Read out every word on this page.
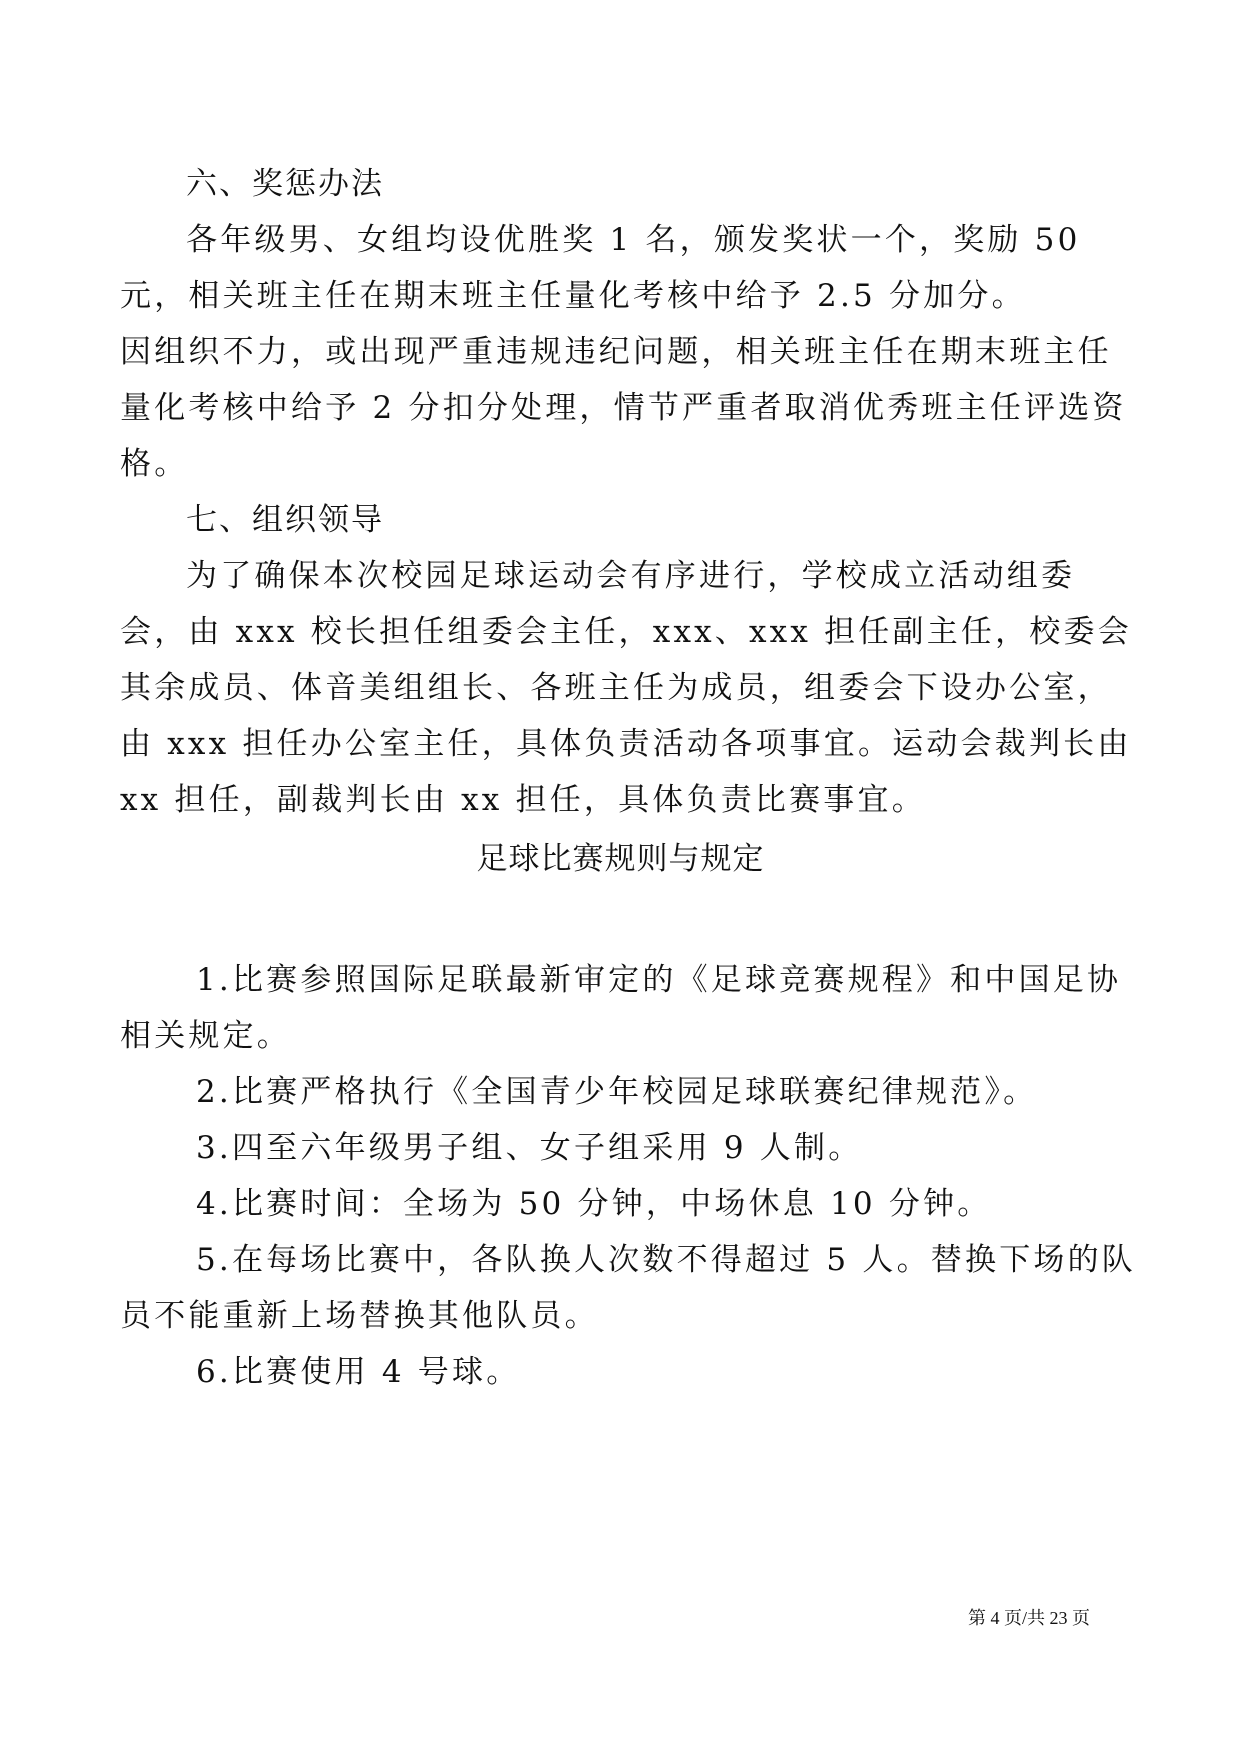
六、奖惩办法
各年级男、女组均设优胜奖 1 名，颁发奖状一个，奖励 50
元，相关班主任在期末班主任量化考核中给予 2.5 分加分。
因组织不力，或出现严重违规违纪问题，相关班主任在期末班主任
量化考核中给予 2 分扣分处理，情节严重者取消优秀班主任评选资
格。
七、组织领导
为了确保本次校园足球运动会有序进行，学校成立活动组委
会，由 xxx 校长担任组委会主任，xxx、xxx 担任副主任，校委会
其余成员、体音美组组长、各班主任为成员，组委会下设办公室，
由 xxx 担任办公室主任，具体负责活动各项事宜。运动会裁判长由
xx 担任，副裁判长由 xx 担任，具体负责比赛事宜。
足球比赛规则与规定
1.比赛参照国际足联最新审定的《足球竞赛规程》和中国足协
相关规定。
2.比赛严格执行《全国青少年校园足球联赛纪律规范》。
3.四至六年级男子组、女子组采用 9 人制。
4.比赛时间：全场为 50 分钟，中场休息 10 分钟。
5.在每场比赛中，各队换人次数不得超过 5 人。替换下场的队
员不能重新上场替换其他队员。
6.比赛使用 4 号球。
第 4 页/共 23 页
